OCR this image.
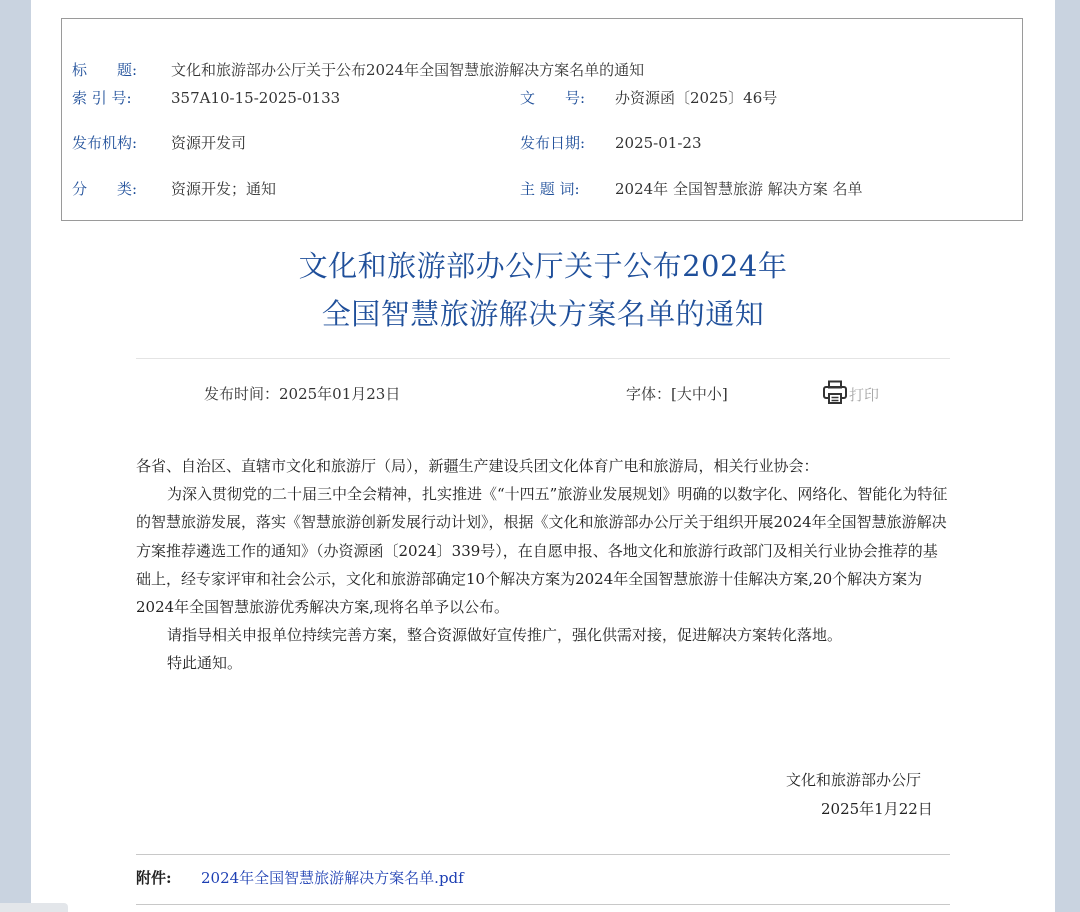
标　　题: 文化和旅游部办公厅关于公布2024年全国智慧旅游解决方案名单的通知
索 引 号:	357A10-15-2025-0133	文　　号: 办资源函〔2025〕46号
发布机构: 资源开发司	发布日期: 2025-01-23
分　　类: 资源开发；通知	主 题 词: 2024年 全国智慧旅游 解决方案 名单
文化和旅游部办公厅关于公布2024年
全国智慧旅游解决方案名单的通知
发布时间：2025年01月23日	字体：[大中小]	打印

各省、自治区、直辖市文化和旅游厅（局），新疆生产建设兵团文化体育广电和旅游局，相关行业协会：

为深入贯彻党的二十届三中全会精神，扎实推进《“十四五”旅游业发展规划》明确的以数字化、网络化、智能化为特征的智慧旅游发展，落实《智慧旅游创新发展行动计划》，根据《文化和旅游部办公厅关于组织开展2024年全国智慧旅游解决方案推荐遴选工作的通知》（办资源函〔2024〕339号），在自愿申报、各地文化和旅游行政部门及相关行业协会推荐的基础上，经专家评审和社会公示，文化和旅游部确定10个解决方案为2024年全国智慧旅游十佳解决方案,20个解决方案为2024年全国智慧旅游优秀解决方案,现将名单予以公布。

请指导相关申报单位持续完善方案，整合资源做好宣传推广，强化供需对接，促进解决方案转化落地。

特此通知。

文化和旅游部办公厅
2025年1月22日
附件: 2024年全国智慧旅游解决方案名单.pdf
